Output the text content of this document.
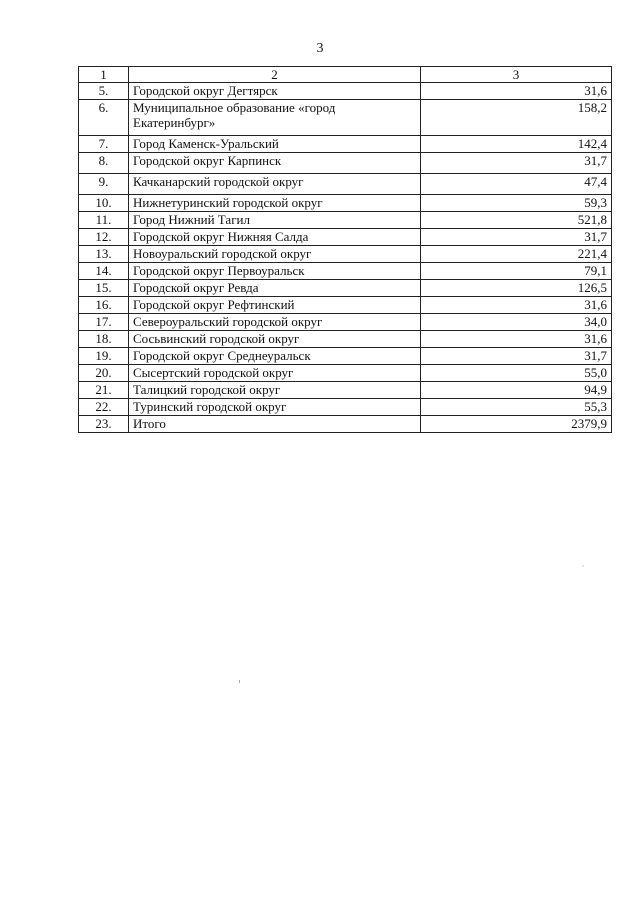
3
1	2	3
5.	Городской округ Дегтярск	31,6
6.	Муниципальное образование «город Екатеринбург»	158,2
7.	Город Каменск-Уральский	142,4
8.	Городской округ Карпинск	31,7
9.	Качканарский городской округ	47,4
10.	Нижнетуринский городской округ	59,3
11.	Город Нижний Тагил	521,8
12.	Городской округ Нижняя Салда	31,7
13.	Новоуральский городской округ	221,4
14.	Городской округ Первоуральск	79,1
15.	Городской округ Ревда	126,5
16.	Городской округ Рефтинский	31,6
17.	Североуральский городской округ	34,0
18.	Сосьвинский городской округ	31,6
19.	Городской округ Среднеуральск	31,7
20.	Сысертский городской округ	55,0
21.	Талицкий городской округ	94,9
22.	Туринский городской округ	55,3
23.	Итого	2379,9
